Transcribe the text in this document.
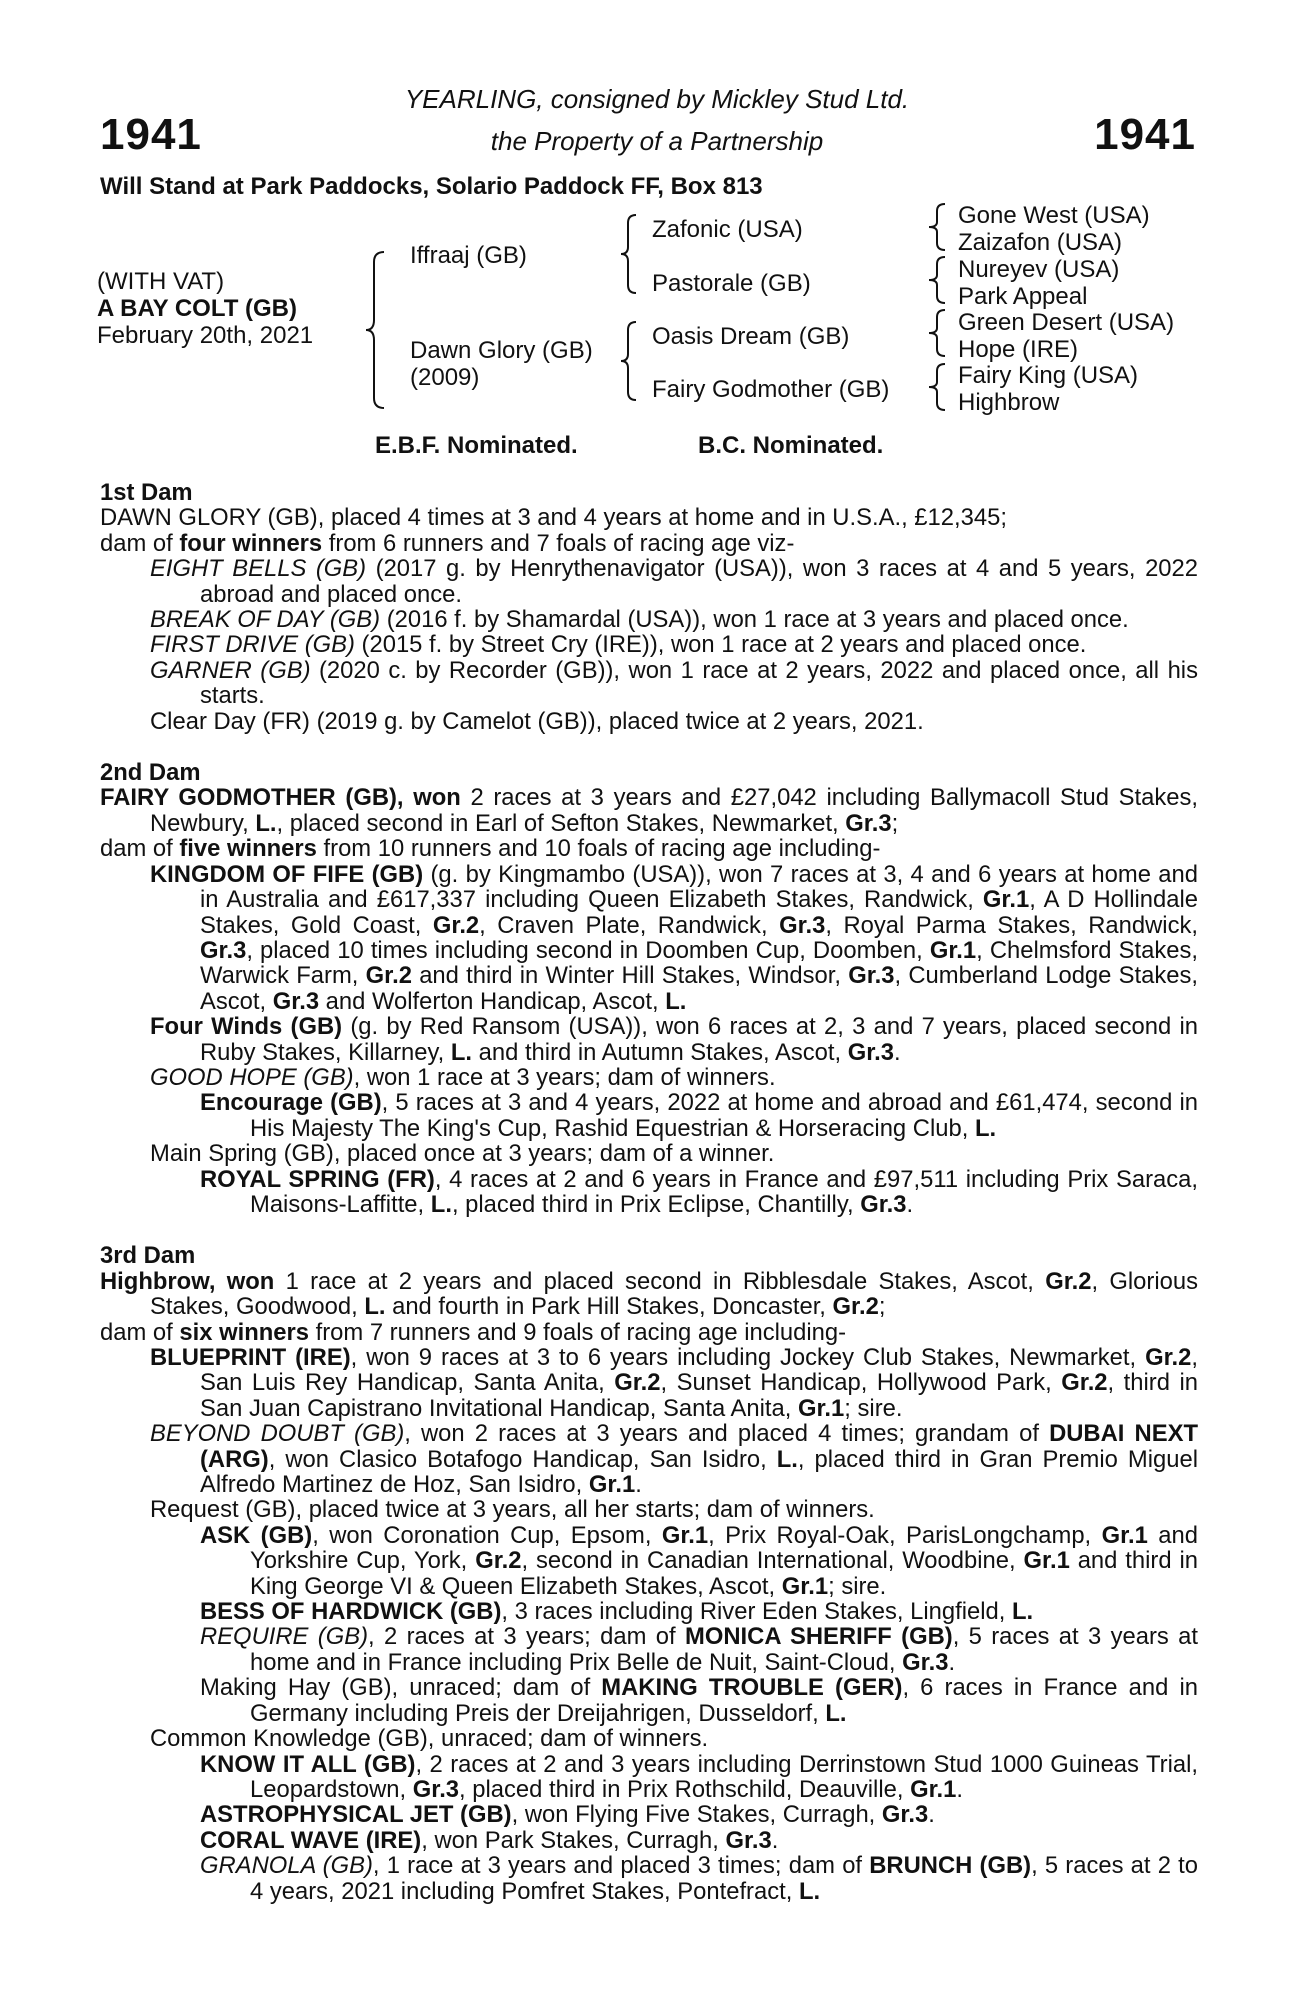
1941	1941
YEARLING, consigned by Mickley Stud Ltd.
the Property of a Partnership
Will Stand at Park Paddocks, Solario Paddock FF, Box 813
(WITH VAT)
A BAY COLT (GB)
February 20th, 2021
Iffraaj (GB)
Dawn Glory (GB)
(2009)
Zafonic (USA)
Pastorale (GB)
Oasis Dream (GB)
Fairy Godmother (GB)
Gone West (USA)
Zaizafon (USA)
Nureyev (USA)
Park Appeal
Green Desert (USA)
Hope (IRE)
Fairy King (USA)
Highbrow
E.B.F. Nominated.	B.C. Nominated.
1st Dam
DAWN GLORY (GB), placed 4 times at 3 and 4 years at home and in U.S.A., £12,345;
dam of four winners from 6 runners and 7 foals of racing age viz-
EIGHT BELLS (GB) (2017 g. by Henrythenavigator (USA)), won 3 races at 4 and 5 years, 2022 abroad and placed once.
BREAK OF DAY (GB) (2016 f. by Shamardal (USA)), won 1 race at 3 years and placed once.
FIRST DRIVE (GB) (2015 f. by Street Cry (IRE)), won 1 race at 2 years and placed once.
GARNER (GB) (2020 c. by Recorder (GB)), won 1 race at 2 years, 2022 and placed once, all his starts.
Clear Day (FR) (2019 g. by Camelot (GB)), placed twice at 2 years, 2021.
2nd Dam
FAIRY GODMOTHER (GB), won 2 races at 3 years and £27,042 including Ballymacoll Stud Stakes, Newbury, L., placed second in Earl of Sefton Stakes, Newmarket, Gr.3;
dam of five winners from 10 runners and 10 foals of racing age including-
KINGDOM OF FIFE (GB) (g. by Kingmambo (USA)), won 7 races at 3, 4 and 6 years at home and in Australia and £617,337 including Queen Elizabeth Stakes, Randwick, Gr.1, A D Hollindale Stakes, Gold Coast, Gr.2, Craven Plate, Randwick, Gr.3, Royal Parma Stakes, Randwick, Gr.3, placed 10 times including second in Doomben Cup, Doomben, Gr.1, Chelmsford Stakes, Warwick Farm, Gr.2 and third in Winter Hill Stakes, Windsor, Gr.3, Cumberland Lodge Stakes, Ascot, Gr.3 and Wolferton Handicap, Ascot, L.
Four Winds (GB) (g. by Red Ransom (USA)), won 6 races at 2, 3 and 7 years, placed second in Ruby Stakes, Killarney, L. and third in Autumn Stakes, Ascot, Gr.3.
GOOD HOPE (GB), won 1 race at 3 years; dam of winners.
Encourage (GB), 5 races at 3 and 4 years, 2022 at home and abroad and £61,474, second in His Majesty The King's Cup, Rashid Equestrian & Horseracing Club, L.
Main Spring (GB), placed once at 3 years; dam of a winner.
ROYAL SPRING (FR), 4 races at 2 and 6 years in France and £97,511 including Prix Saraca, Maisons-Laffitte, L., placed third in Prix Eclipse, Chantilly, Gr.3.
3rd Dam
Highbrow, won 1 race at 2 years and placed second in Ribblesdale Stakes, Ascot, Gr.2, Glorious Stakes, Goodwood, L. and fourth in Park Hill Stakes, Doncaster, Gr.2;
dam of six winners from 7 runners and 9 foals of racing age including-
BLUEPRINT (IRE), won 9 races at 3 to 6 years including Jockey Club Stakes, Newmarket, Gr.2, San Luis Rey Handicap, Santa Anita, Gr.2, Sunset Handicap, Hollywood Park, Gr.2, third in San Juan Capistrano Invitational Handicap, Santa Anita, Gr.1; sire.
BEYOND DOUBT (GB), won 2 races at 3 years and placed 4 times; grandam of DUBAI NEXT (ARG), won Clasico Botafogo Handicap, San Isidro, L., placed third in Gran Premio Miguel Alfredo Martinez de Hoz, San Isidro, Gr.1.
Request (GB), placed twice at 3 years, all her starts; dam of winners.
ASK (GB), won Coronation Cup, Epsom, Gr.1, Prix Royal-Oak, ParisLongchamp, Gr.1 and Yorkshire Cup, York, Gr.2, second in Canadian International, Woodbine, Gr.1 and third in King George VI & Queen Elizabeth Stakes, Ascot, Gr.1; sire.
BESS OF HARDWICK (GB), 3 races including River Eden Stakes, Lingfield, L.
REQUIRE (GB), 2 races at 3 years; dam of MONICA SHERIFF (GB), 5 races at 3 years at home and in France including Prix Belle de Nuit, Saint-Cloud, Gr.3.
Making Hay (GB), unraced; dam of MAKING TROUBLE (GER), 6 races in France and in Germany including Preis der Dreijahrigen, Dusseldorf, L.
Common Knowledge (GB), unraced; dam of winners.
KNOW IT ALL (GB), 2 races at 2 and 3 years including Derrinstown Stud 1000 Guineas Trial, Leopardstown, Gr.3, placed third in Prix Rothschild, Deauville, Gr.1.
ASTROPHYSICAL JET (GB), won Flying Five Stakes, Curragh, Gr.3.
CORAL WAVE (IRE), won Park Stakes, Curragh, Gr.3.
GRANOLA (GB), 1 race at 3 years and placed 3 times; dam of BRUNCH (GB), 5 races at 2 to 4 years, 2021 including Pomfret Stakes, Pontefract, L.
